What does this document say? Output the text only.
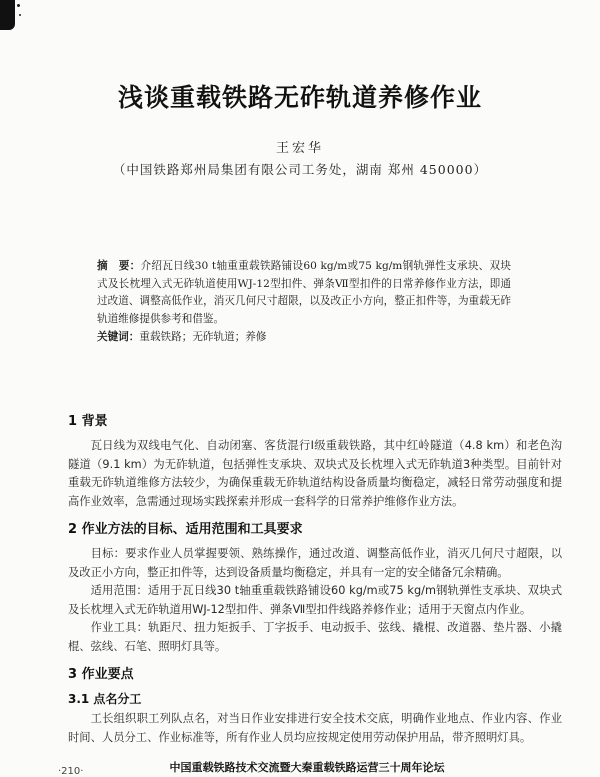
浅谈重载铁路无砟轨道养修作业
王宏华
（中国铁路郑州局集团有限公司工务处，湖南 郑州 450000）
摘　要：介绍瓦日线30 t轴重重载铁路铺设60 kg/m或75 kg/m钢轨弹性支承块、双块式及长枕埋入式无砟轨道使用WJ-12型扣件、弹条Ⅶ型扣件的日常养修作业方法，即通过改道、调整高低作业，消灭几何尺寸超限，以及改正小方向，整正扣件等，为重载无砟轨道维修提供参考和借鉴。
关键词：重载铁路；无砟轨道；养修
1 背景

瓦日线为双线电气化、自动闭塞、客货混行Ⅰ级重载铁路，其中红岭隧道（4.8 km）和老色沟隧道（9.1 km）为无砟轨道，包括弹性支承块、双块式及长枕埋入式无砟轨道3种类型。目前针对重载无砟轨道维修方法较少，为确保重载无砟轨道结构设备质量均衡稳定，减轻日常劳动强度和提高作业效率，急需通过现场实践探索并形成一套科学的日常养护维修作业方法。

2 作业方法的目标、适用范围和工具要求

目标：要求作业人员掌握要领、熟练操作，通过改道、调整高低作业，消灭几何尺寸超限，以及改正小方向，整正扣件等，达到设备质量均衡稳定，并具有一定的安全储备冗余精确。

适用范围：适用于瓦日线30 t轴重重载铁路铺设60 kg/m或75 kg/m钢轨弹性支承块、双块式及长枕埋入式无砟轨道用WJ-12型扣件、弹条Ⅶ型扣件线路养修作业；适用于天窗点内作业。

作业工具：轨距尺、扭力矩扳手、丁字扳手、电动扳手、弦线、撬棍、改道器、垫片器、小撬棍、弦线、石笔、照明灯具等。

3 作业要点
3.1 点名分工

工长组织职工列队点名，对当日作业安排进行安全技术交底，明确作业地点、作业内容、作业时间、人员分工、作业标准等，所有作业人员均应按规定使用劳动保护用品，带齐照明灯具。

·210·	中国重载铁路技术交流暨大秦重载铁路运营三十周年论坛
